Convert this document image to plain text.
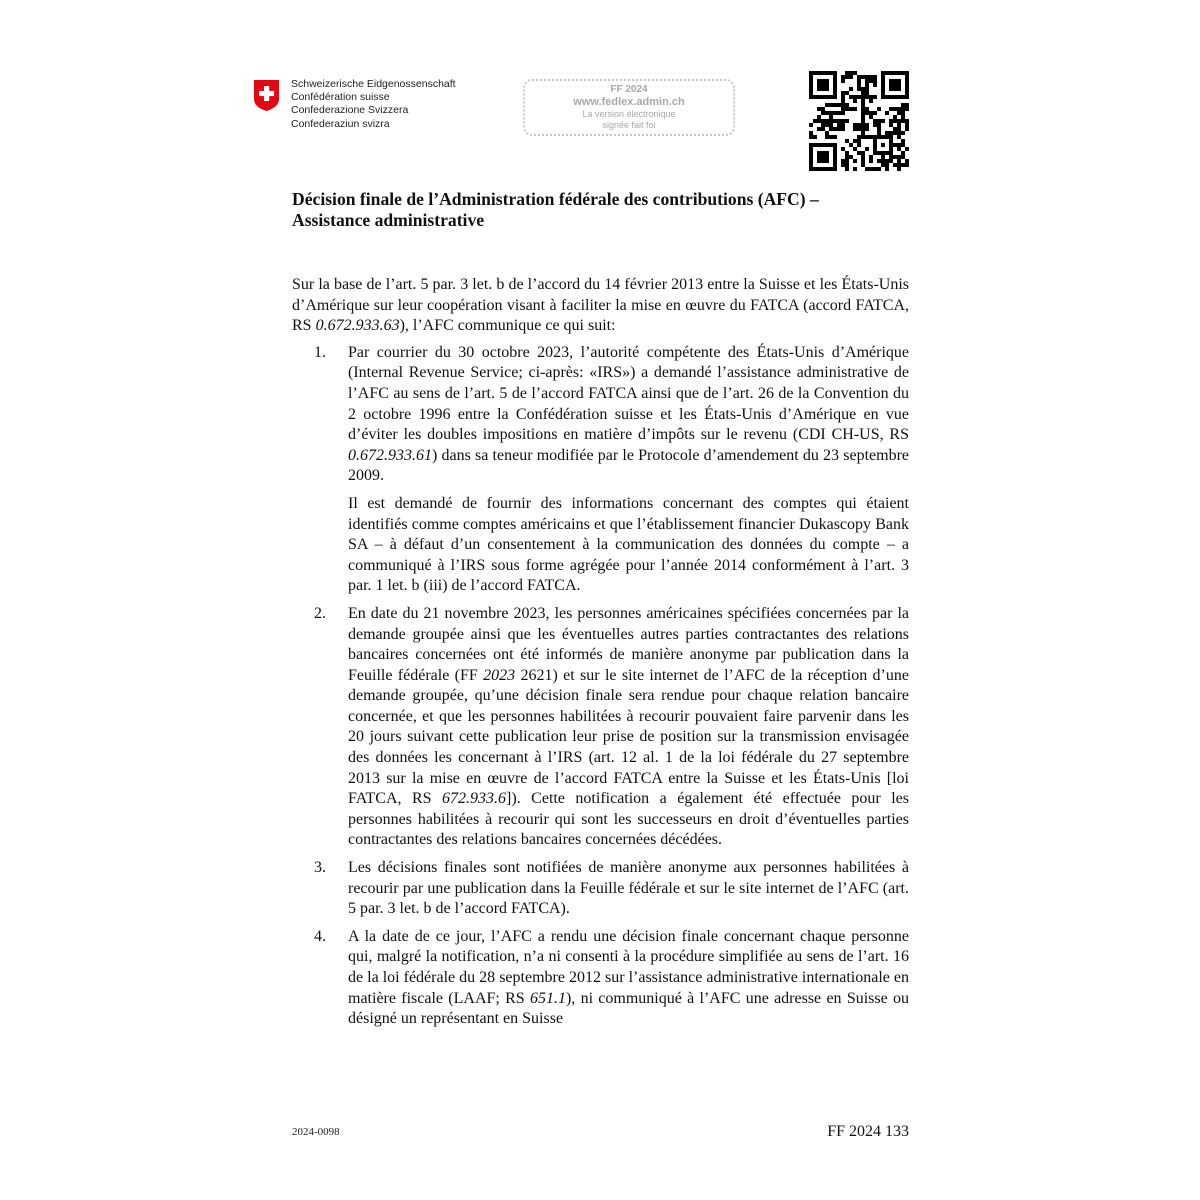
Schweizerische Eidgenossenschaft
Confédération suisse
Confederazione Svizzera
Confederaziun svizra
FF 2024
www.fedlex.admin.ch
La version électronique
signée fait foi
Décision finale de l’Administration fédérale des contributions (AFC) –
Assistance administrative

Sur la base de l’art. 5 par. 3 let. b de l’accord du 14 février 2013 entre la Suisse et les États-Unis d’Amérique sur leur coopération visant à faciliter la mise en œuvre du FATCA (accord FATCA, RS 0.672.933.63), l’AFC communique ce qui suit:

1.	Par courrier du 30 octobre 2023, l’autorité compétente des États-Unis d’Amérique (Internal Revenue Service; ci-après: «IRS») a demandé l’assistance administrative de l’AFC au sens de l’art. 5 de l’accord FATCA ainsi que de l’art. 26 de la Convention du 2 octobre 1996 entre la Confédération suisse et les États-Unis d’Amérique en vue d’éviter les doubles impositions en matière d’impôts sur le revenu (CDI CH-US, RS 0.672.933.61) dans sa teneur modifiée par le Protocole d’amendement du 23 septembre 2009.

Il est demandé de fournir des informations concernant des comptes qui étaient identifiés comme comptes américains et que l’établissement financier Dukascopy Bank SA – à défaut d’un consentement à la communication des données du compte – a communiqué à l’IRS sous forme agrégée pour l’année 2014 conformément à l’art. 3 par. 1 let. b (iii) de l’accord FATCA.

2.	En date du 21 novembre 2023, les personnes américaines spécifiées concernées par la demande groupée ainsi que les éventuelles autres parties contractantes des relations bancaires concernées ont été informés de manière anonyme par publication dans la Feuille fédérale (FF 2023 2621) et sur le site internet de l’AFC de la réception d’une demande groupée, qu’une décision finale sera rendue pour chaque relation bancaire concernée, et que les personnes habilitées à recourir pouvaient faire parvenir dans les 20 jours suivant cette publication leur prise de position sur la transmission envisagée des données les concernant à l’IRS (art. 12 al. 1 de la loi fédérale du 27 septembre 2013 sur la mise en œuvre de l’accord FATCA entre la Suisse et les États-Unis [loi FATCA, RS 672.933.6]). Cette notification a également été effectuée pour les personnes habilitées à recourir qui sont les successeurs en droit d’éventuelles parties contractantes des relations bancaires concernées décédées.

3.	Les décisions finales sont notifiées de manière anonyme aux personnes habilitées à recourir par une publication dans la Feuille fédérale et sur le site internet de l’AFC (art. 5 par. 3 let. b de l’accord FATCA).

4.	A la date de ce jour, l’AFC a rendu une décision finale concernant chaque personne qui, malgré la notification, n’a ni consenti à la procédure simplifiée au sens de l’art. 16 de la loi fédérale du 28 septembre 2012 sur l’assistance administrative internationale en matière fiscale (LAAF; RS 651.1), ni communiqué à l’AFC une adresse en Suisse ou désigné un représentant en Suisse

2024-0098	FF 2024 133
